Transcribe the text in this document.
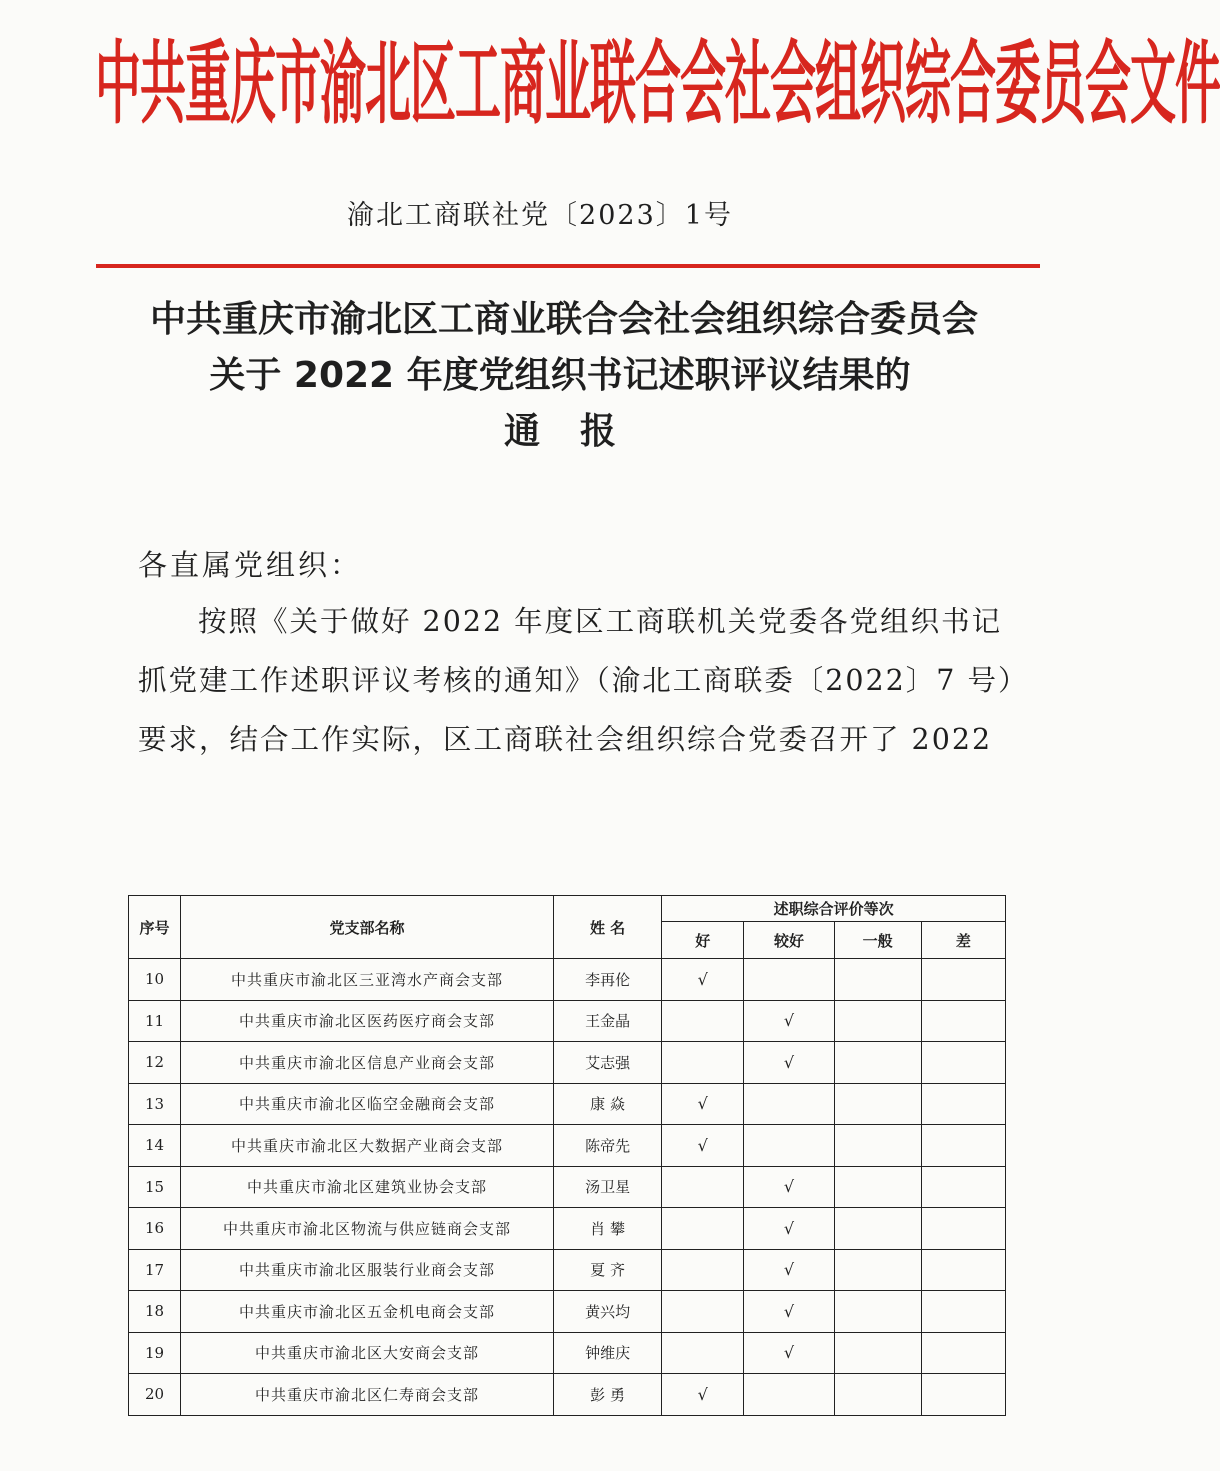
中共重庆市渝北区工商业联合会社会组织综合委员会文件
渝北工商联社党〔2023〕1号
中共重庆市渝北区工商业联合会社会组织综合委员会
关于 2022 年度党组织书记述职评议结果的
通报
各直属党组织：
按照《关于做好 2022 年度区工商联机关党委各党组织书记
抓党建工作述职评议考核的通知》（渝北工商联委〔2022〕7 号）
要求，结合工作实际，区工商联社会组织综合党委召开了 2022
序号	党支部名称	姓 名	述职综合评价等次			
			好	较好	一般	差
10	中共重庆市渝北区三亚湾水产商会支部	李再伦	√			
11	中共重庆市渝北区医药医疗商会支部	王金晶		√		
12	中共重庆市渝北区信息产业商会支部	艾志强		√		
13	中共重庆市渝北区临空金融商会支部	康 焱	√			
14	中共重庆市渝北区大数据产业商会支部	陈帝先	√			
15	中共重庆市渝北区建筑业协会支部	汤卫星		√		
16	中共重庆市渝北区物流与供应链商会支部	肖 攀		√		
17	中共重庆市渝北区服装行业商会支部	夏 齐		√		
18	中共重庆市渝北区五金机电商会支部	黄兴均		√		
19	中共重庆市渝北区大安商会支部	钟维庆		√		
20	中共重庆市渝北区仁寿商会支部	彭 勇	√			
